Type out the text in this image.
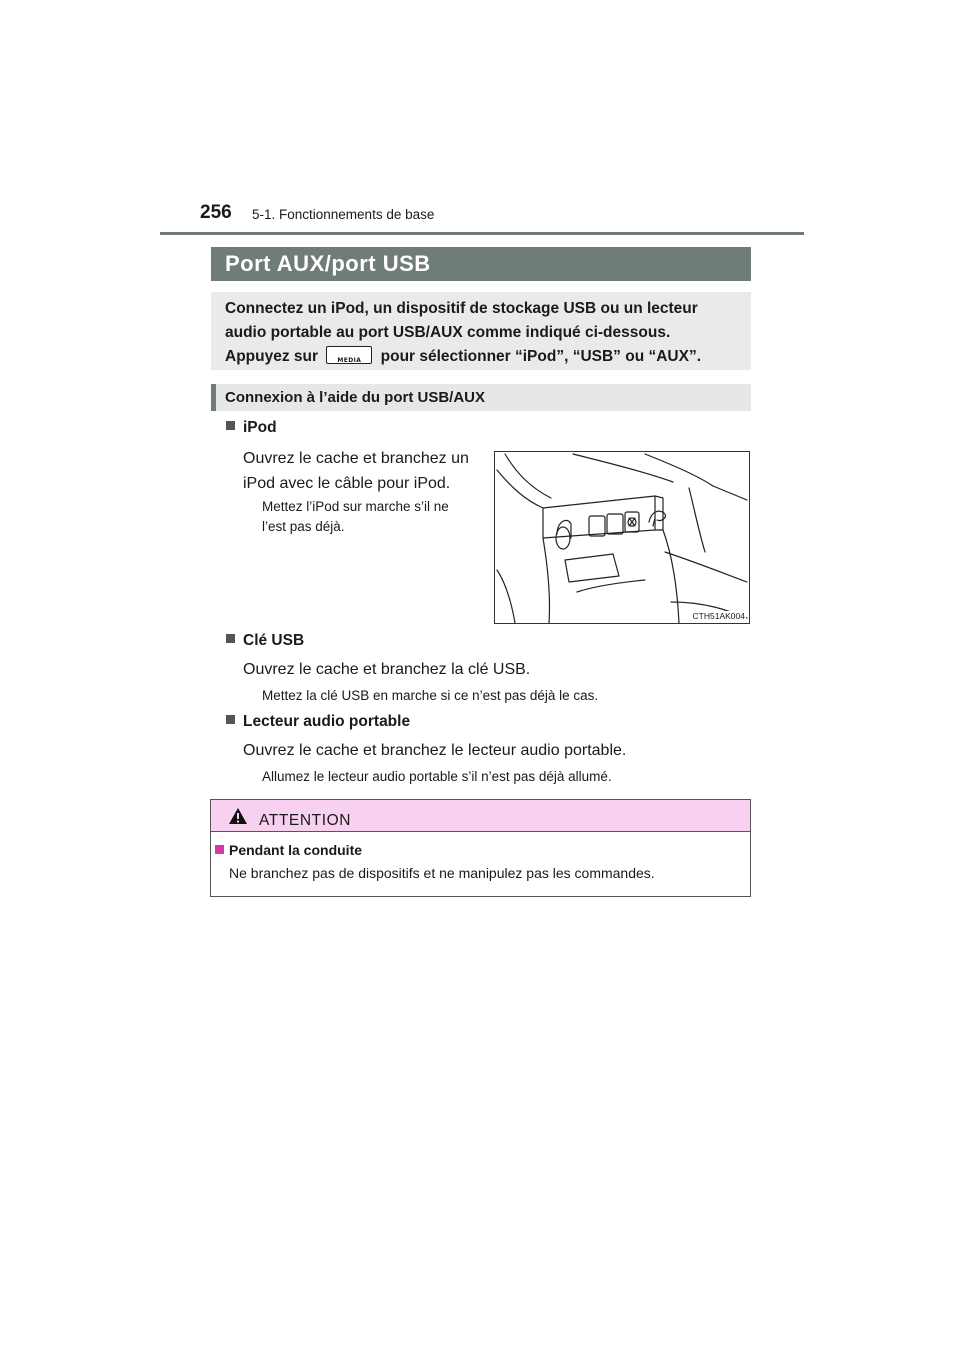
256 5-1. Fonctionnements de base
Port AUX/port USB
Connectez un iPod, un dispositif de stockage USB ou un lecteur
audio portable au port USB/AUX comme indiqué ci-dessous.
Appuyez sur	MEDIA	pour sélectionner “iPod”, “USB” ou “AUX”.
Connexion à l’aide du port USB/AUX
iPod
Ouvrez le cache et branchez un
iPod avec le câble pour iPod.
Mettez l’iPod sur marche s’il ne
l’est pas déjà.
CTH51AK004
Clé USB
Ouvrez le cache et branchez la clé USB.
Mettez la clé USB en marche si ce n’est pas déjà le cas.
Lecteur audio portable
Ouvrez le cache et branchez le lecteur audio portable.
Allumez le lecteur audio portable s’il n’est pas déjà allumé.
ATTENTION
Pendant la conduite
Ne branchez pas de dispositifs et ne manipulez pas les commandes.
